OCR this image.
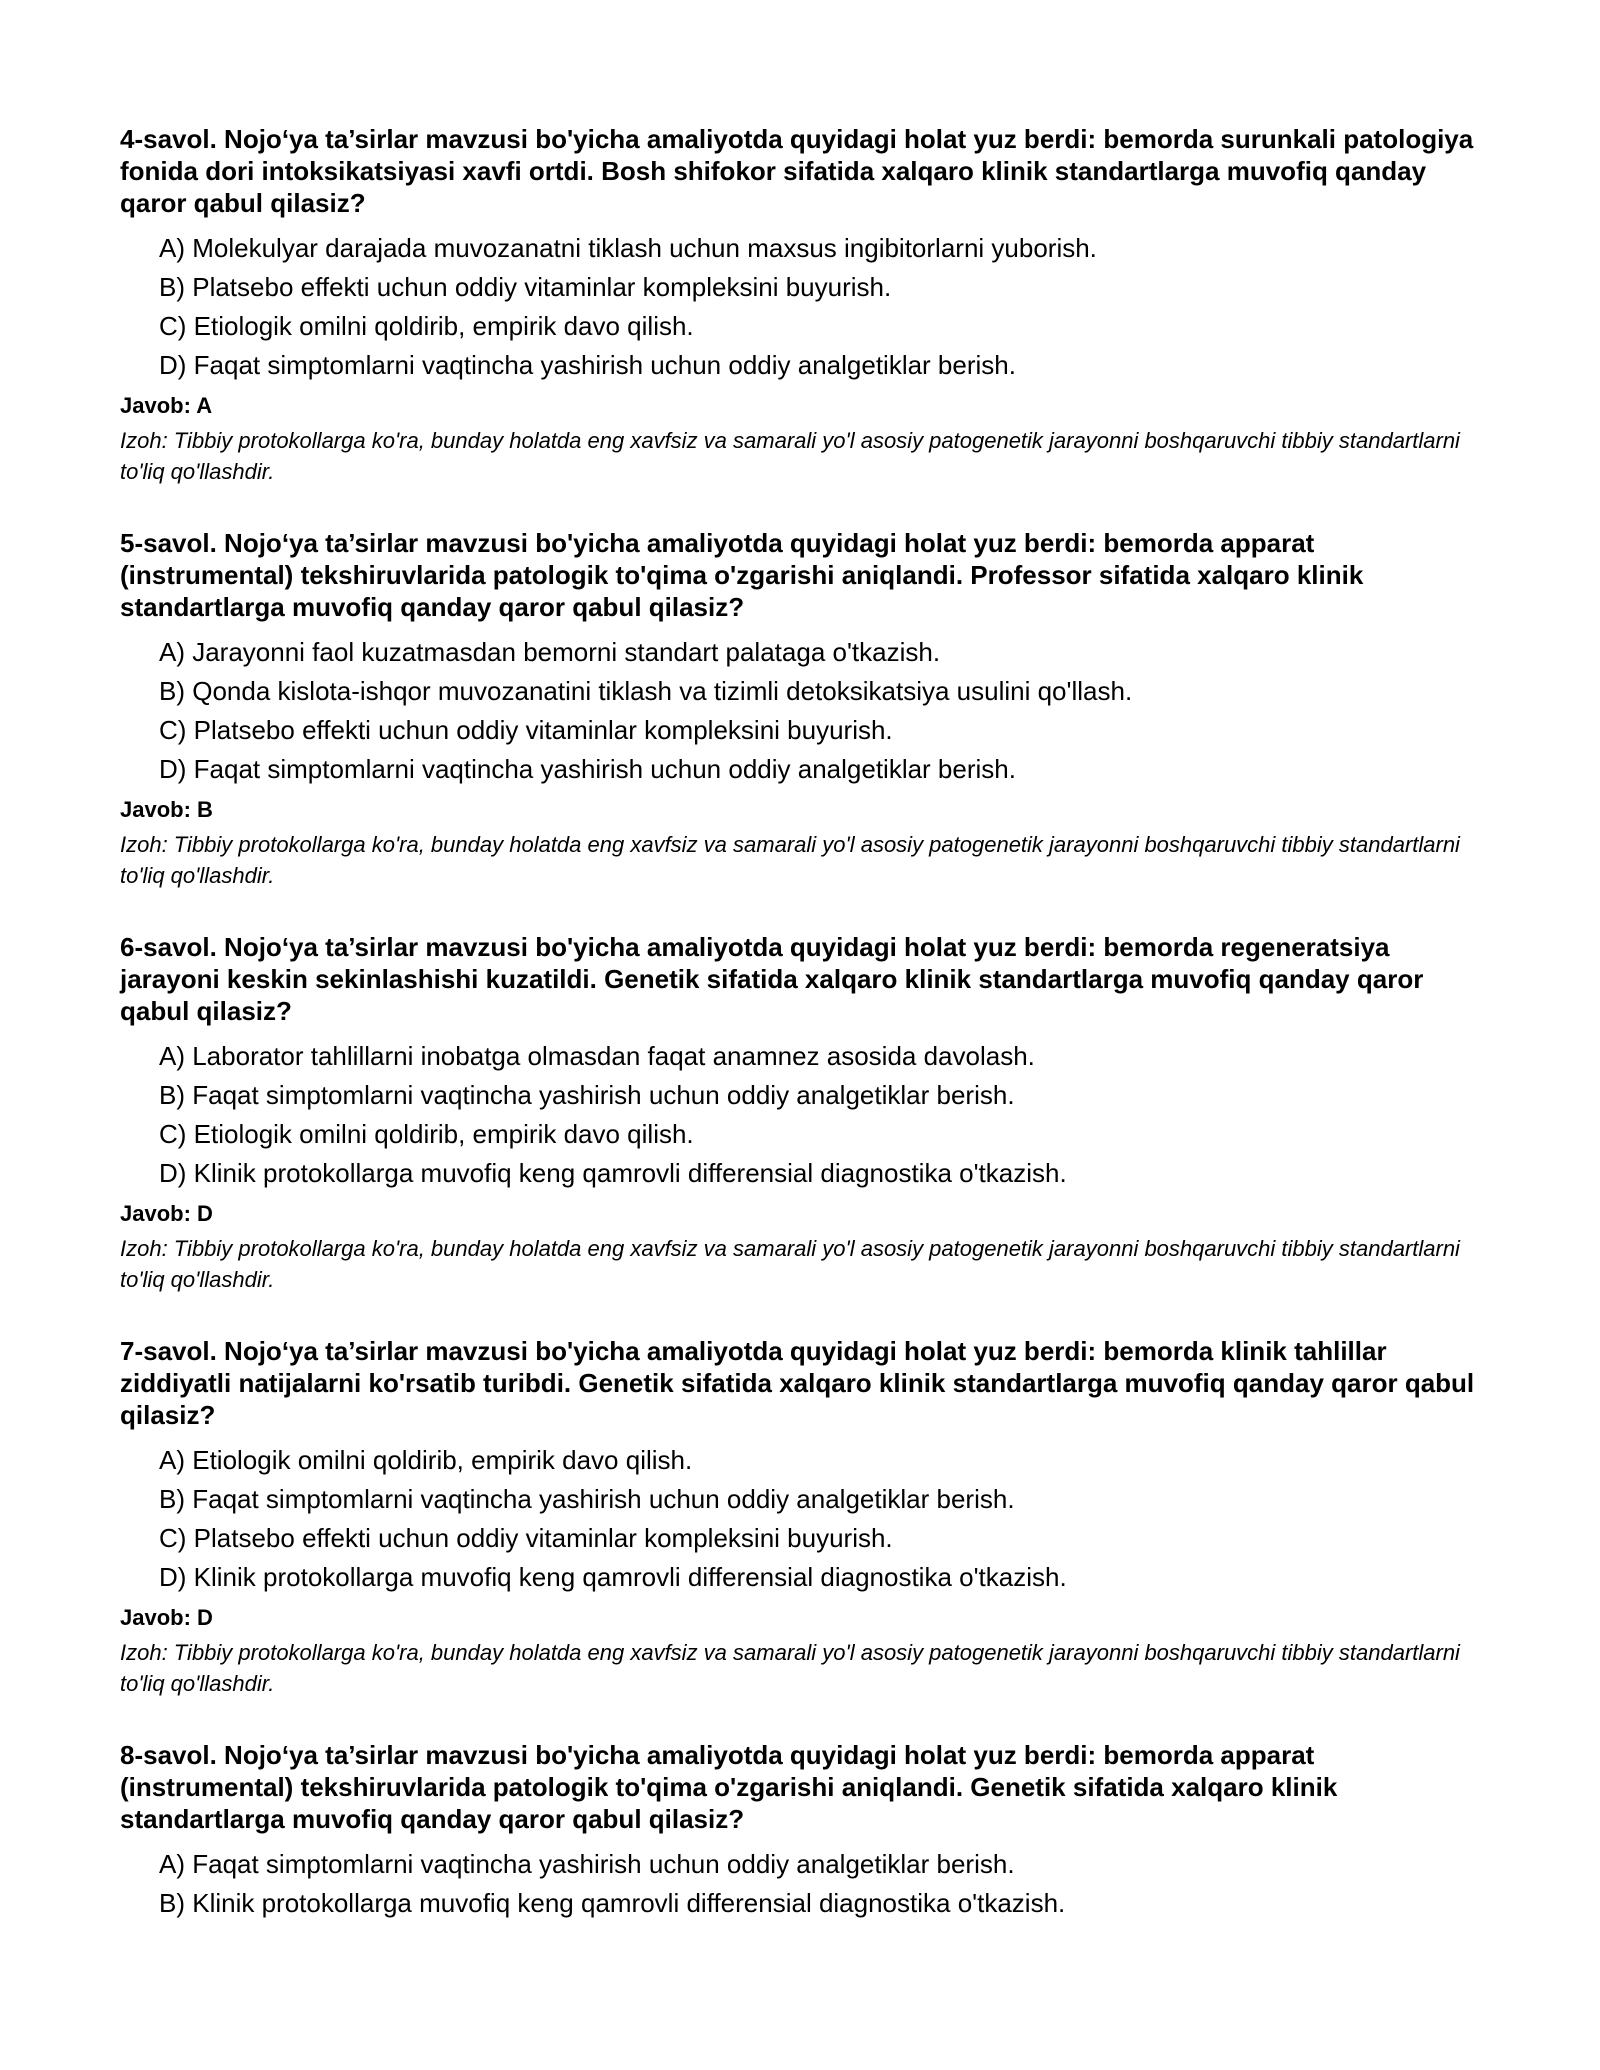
4-savol. Nojo‘ya ta’sirlar mavzusi bo'yicha amaliyotda quyidagi holat yuz berdi: bemorda surunkali patologiya fonida dori intoksikatsiyasi xavfi ortdi. Bosh shifokor sifatida xalqaro klinik standartlarga muvofiq qanday qaror qabul qilasiz?
A) Molekulyar darajada muvozanatni tiklash uchun maxsus ingibitorlarni yuborish.
B) Platsebo effekti uchun oddiy vitaminlar kompleksini buyurish.
C) Etiologik omilni qoldirib, empirik davo qilish.
D) Faqat simptomlarni vaqtincha yashirish uchun oddiy analgetiklar berish.
Javob: A

Izoh: Tibbiy protokollarga ko'ra, bunday holatda eng xavfsiz va samarali yo'l asosiy patogenetik jarayonni boshqaruvchi tibbiy standartlarni to'liq qo'llashdir.

5-savol. Nojo‘ya ta’sirlar mavzusi bo'yicha amaliyotda quyidagi holat yuz berdi: bemorda apparat (instrumental) tekshiruvlarida patologik to'qima o'zgarishi aniqlandi. Professor sifatida xalqaro klinik standartlarga muvofiq qanday qaror qabul qilasiz?
A) Jarayonni faol kuzatmasdan bemorni standart palataga o'tkazish.
B) Qonda kislota-ishqor muvozanatini tiklash va tizimli detoksikatsiya usulini qo'llash.
C) Platsebo effekti uchun oddiy vitaminlar kompleksini buyurish.
D) Faqat simptomlarni vaqtincha yashirish uchun oddiy analgetiklar berish.
Javob: B

Izoh: Tibbiy protokollarga ko'ra, bunday holatda eng xavfsiz va samarali yo'l asosiy patogenetik jarayonni boshqaruvchi tibbiy standartlarni to'liq qo'llashdir.

6-savol. Nojo‘ya ta’sirlar mavzusi bo'yicha amaliyotda quyidagi holat yuz berdi: bemorda regeneratsiya jarayoni keskin sekinlashishi kuzatildi. Genetik sifatida xalqaro klinik standartlarga muvofiq qanday qaror qabul qilasiz?
A) Laborator tahlillarni inobatga olmasdan faqat anamnez asosida davolash.
B) Faqat simptomlarni vaqtincha yashirish uchun oddiy analgetiklar berish.
C) Etiologik omilni qoldirib, empirik davo qilish.
D) Klinik protokollarga muvofiq keng qamrovli differensial diagnostika o'tkazish.
Javob: D

Izoh: Tibbiy protokollarga ko'ra, bunday holatda eng xavfsiz va samarali yo'l asosiy patogenetik jarayonni boshqaruvchi tibbiy standartlarni to'liq qo'llashdir.

7-savol. Nojo‘ya ta’sirlar mavzusi bo'yicha amaliyotda quyidagi holat yuz berdi: bemorda klinik tahlillar ziddiyatli natijalarni ko'rsatib turibdi. Genetik sifatida xalqaro klinik standartlarga muvofiq qanday qaror qabul qilasiz?
A) Etiologik omilni qoldirib, empirik davo qilish.
B) Faqat simptomlarni vaqtincha yashirish uchun oddiy analgetiklar berish.
C) Platsebo effekti uchun oddiy vitaminlar kompleksini buyurish.
D) Klinik protokollarga muvofiq keng qamrovli differensial diagnostika o'tkazish.
Javob: D

Izoh: Tibbiy protokollarga ko'ra, bunday holatda eng xavfsiz va samarali yo'l asosiy patogenetik jarayonni boshqaruvchi tibbiy standartlarni to'liq qo'llashdir.

8-savol. Nojo‘ya ta’sirlar mavzusi bo'yicha amaliyotda quyidagi holat yuz berdi: bemorda apparat (instrumental) tekshiruvlarida patologik to'qima o'zgarishi aniqlandi. Genetik sifatida xalqaro klinik standartlarga muvofiq qanday qaror qabul qilasiz?
A) Faqat simptomlarni vaqtincha yashirish uchun oddiy analgetiklar berish.
B) Klinik protokollarga muvofiq keng qamrovli differensial diagnostika o'tkazish.
